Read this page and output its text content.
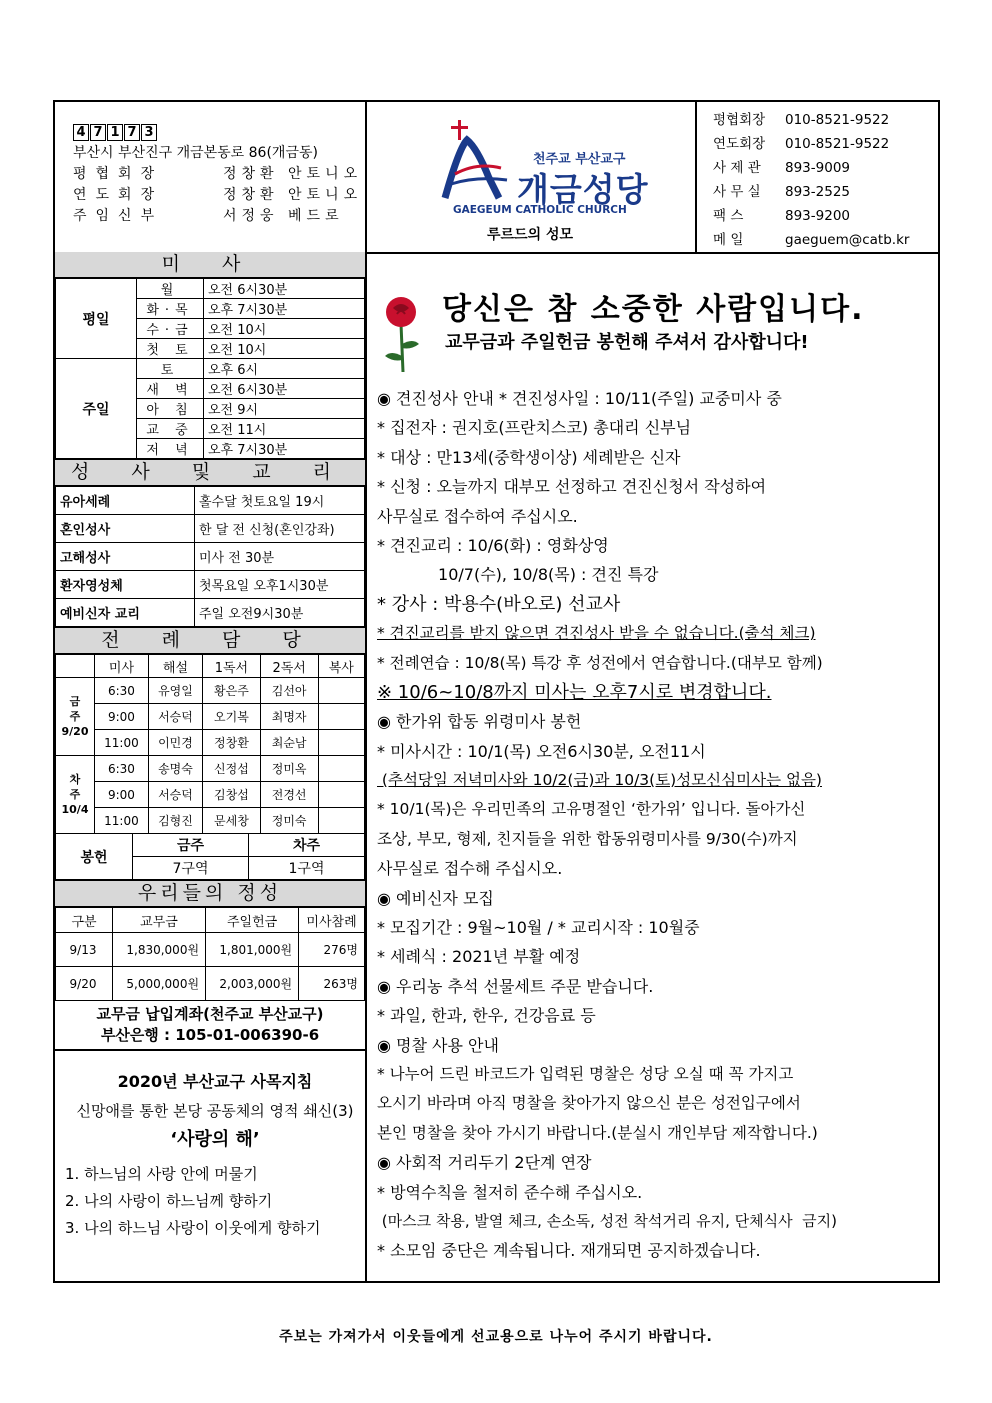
4 7 1 7 3
부산시 부산진구 개금본동로 86(개금동)
평협회장	정창환 안토니오
연도회장	정창환 안토니오
주임신부	서정웅 베드로
천주교 부산교구
개금성당
GAEGEUM CATHOLIC CHURCH
루르드의 성모
평협회장	010-8521-9522
연도회장	010-8521-9522
사 제 관	893-9009
사 무 실	893-2525
팩 스	893-9200
메 일	gaeguem@catb.kr
미 사
평일	월	오전 6시30분
	화·목	오후 7시30분
	수·금	오전 10시
	첫 토	오전 10시
주일	토	오후 6시
	새 벽	오전 6시30분
	아 침	오전 9시
	교 중	오전 11시
	저 녁	오후 7시30분
성 사 및 교 리
유아세례	홀수달 첫토요일 19시
혼인성사	한 달 전 신청(혼인강좌)
고해성사	미사 전 30분
환자영성체	첫목요일 오후1시30분
예비신자 교리	주일 오전9시30분
전 례 담 당
	미사	해설	1독서	2독서	복사
금
주
9/20	6:30	유영일	황은주	김선아	
	9:00	서승덕	오기복	최명자	
	11:00	이민경	정창환	최순남	
차
주
10/4	6:30	송명숙	신정섭	정미옥	
	9:00	서승덕	김창섭	전경선	
	11:00	김형진	문세창	정미숙	
봉헌	금주	차주
	7구역	1구역
우리들의 정성
구분	교무금	주일헌금	미사참례
9/13	1,830,000원	1,801,000원	276명
9/20	5,000,000원	2,003,000원	263명
교무금 납입계좌(천주교 부산교구)
부산은행 : 105-01-006390-6
2020년 부산교구 사목지침
신망애를 통한 본당 공동체의 영적 쇄신(3)
‘사랑의 해’
1. 하느님의 사랑 안에 머물기
2. 나의 사랑이 하느님께 향하기
3. 나의 하느님 사랑이 이웃에게 향하기
당신은 참 소중한 사람입니다.
교무금과 주일헌금 봉헌해 주셔서 감사합니다!
◉ 견진성사 안내 * 견진성사일 : 10/11(주일) 교중미사 중
* 집전자 : 권지호(프란치스코) 총대리 신부님
* 대상 : 만13세(중학생이상) 세례받은 신자
* 신청 : 오늘까지 대부모 선정하고 견진신청서 작성하여
사무실로 접수하여 주십시오.
* 견진교리 : 10/6(화) : 영화상영
10/7(수), 10/8(목) : 견진 특강
* 강사 : 박용수(바오로) 선교사
* 견진교리를 받지 않으면 견진성사 받을 수 없습니다.(출석 체크)
* 전례연습 : 10/8(목) 특강 후 성전에서 연습합니다.(대부모 함께)
※ 10/6~10/8까지 미사는 오후7시로 변경합니다.
◉ 한가위 합동 위령미사 봉헌
* 미사시간 : 10/1(목) 오전6시30분, 오전11시
(추석당일 저녁미사와 10/2(금)과 10/3(토)성모신심미사는 없음)
* 10/1(목)은 우리민족의 고유명절인 ‘한가위’ 입니다. 돌아가신
조상, 부모, 형제, 친지들을 위한 합동위령미사를 9/30(수)까지
사무실로 접수해 주십시오.
◉ 예비신자 모집
* 모집기간 : 9월~10월 / * 교리시작 : 10월중
* 세례식 : 2021년 부활 예정
◉ 우리농 추석 선물세트 주문 받습니다.
* 과일, 한과, 한우, 건강음료 등
◉ 명찰 사용 안내
* 나누어 드린 바코드가 입력된 명찰은 성당 오실 때 꼭 가지고
오시기 바라며 아직 명찰을 찾아가지 않으신 분은 성전입구에서
본인 명찰을 찾아 가시기 바랍니다.(분실시 개인부담 제작합니다.)
◉ 사회적 거리두기 2단계 연장
* 방역수칙을 철저히 준수해 주십시오.
(마스크 착용, 발열 체크, 손소독, 성전 착석거리 유지, 단체식사  금지)
* 소모임 중단은 계속됩니다. 재개되면 공지하겠습니다.
주보는 가져가서 이웃들에게 선교용으로 나누어 주시기 바랍니다.
